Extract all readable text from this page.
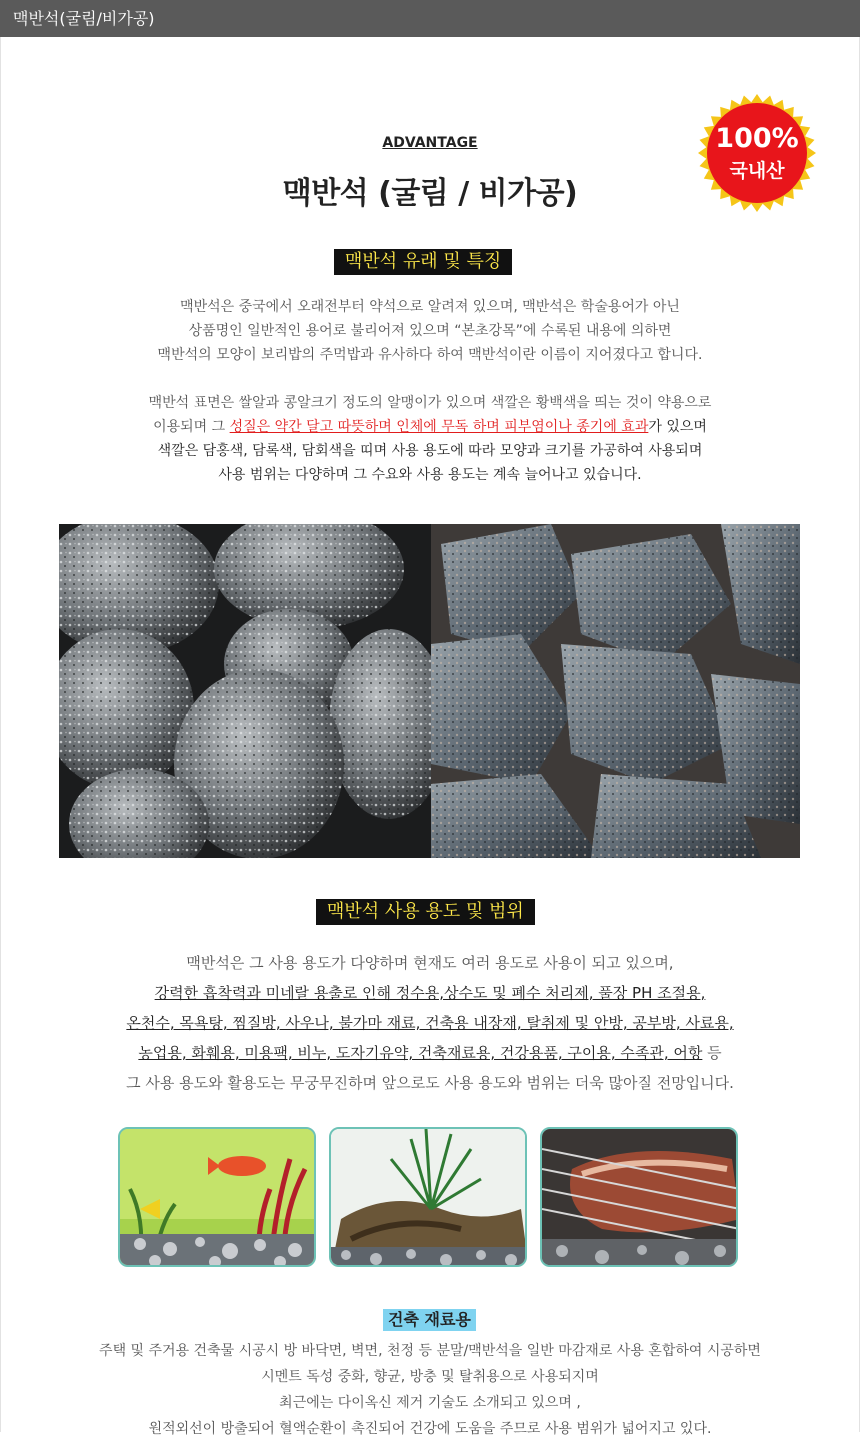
맥반석(굴림/비가공)
ADVANTAGE
맥반석 (굴림 / 비가공)
100%
국내산
맥반석 유래 및 특징
맥반석은 중국에서 오래전부터 약석으로 알려져 있으며, 맥반석은 학술용어가 아닌
상품명인 일반적인 용어로 불리어져 있으며 “본초강목”에 수록된 내용에 의하면
맥반석의 모양이 보리밥의 주먹밥과 유사하다 하여 맥반석이란 이름이 지어졌다고 합니다.
맥반석 표면은 쌀알과 콩알크기 정도의 알맹이가 있으며 색깔은 황백색을 띄는 것이 약용으로
이용되며 그 성질은 약간 달고 따뜻하며 인체에 무독 하며 피부염이나 종기에 효과가 있으며
색깔은 담홍색, 담록색, 담회색을 띠며 사용 용도에 따라 모양과 크기를 가공하여 사용되며
사용 범위는 다양하며 그 수요와 사용 용도는 계속 늘어나고 있습니다.
맥반석 사용 용도 및 범위
맥반석은 그 사용 용도가 다양하며 현재도 여러 용도로 사용이 되고 있으며,
강력한 흡착력과 미네랄 용출로 인해 정수용,상수도 및 폐수 처리제, 풀장 PH 조절용,
온천수, 목욕탕, 찜질방, 사우나, 불가마 재료, 건축용 내장재, 탈취제 및 안방, 공부방, 사료용,
농업용, 화훼용, 미용팩, 비누, 도자기유약, 건축재료용, 건강용품, 구이용, 수족관, 어항 등
그 사용 용도와 활용도는 무궁무진하며 앞으로도 사용 용도와 범위는 더욱 많아질 전망입니다.
건축 재료용
주택 및 주거용 건축물 시공시 방 바닥면, 벽면, 천정 등 분말/맥반석을 일반 마감재로 사용 혼합하여 시공하면
시멘트 독성 중화, 향균, 방충 및 탈취용으로 사용되지며
최근에는 다이옥신 제거 기술도 소개되고 있으며 ,
원적외선이 방출되어 혈액순환이 촉진되어 건강에 도움을 주므로 사용 범위가 넓어지고 있다.
